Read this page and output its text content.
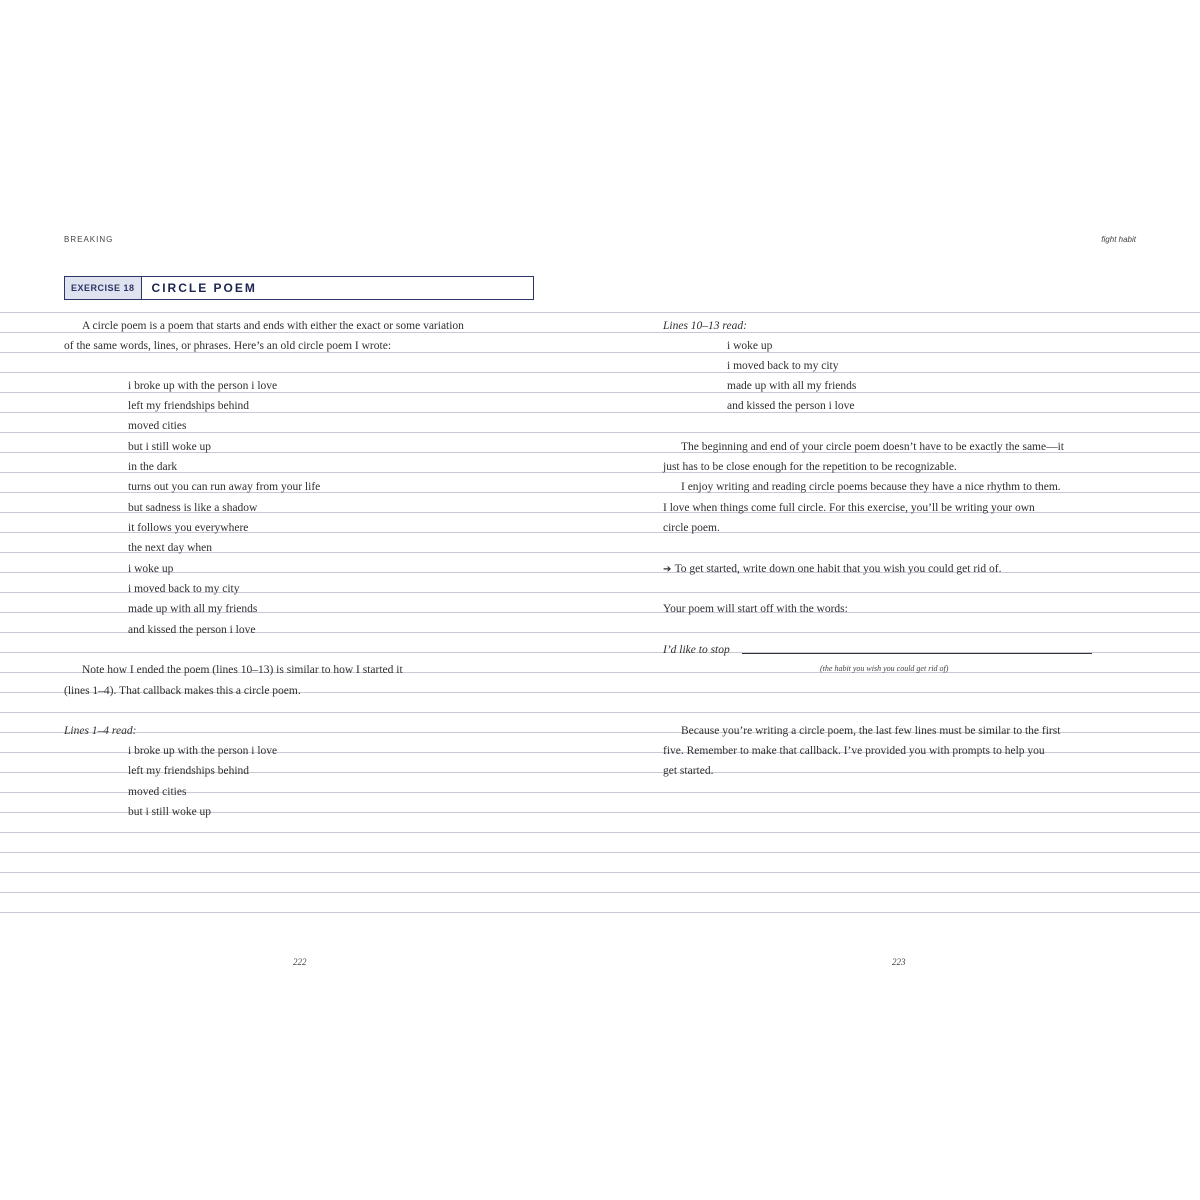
BREAKING	fight habit
EXERCISE 18	CIRCLE POEM
A circle poem is a poem that starts and ends with either the exact or some variation
of the same words, lines, or phrases. Here’s an old circle poem I wrote:
i broke up with the person i love
left my friendships behind
moved cities
but i still woke up
in the dark
turns out you can run away from your life
but sadness is like a shadow
it follows you everywhere
the next day when
i woke up
i moved back to my city
made up with all my friends
and kissed the person i love
Note how I ended the poem (lines 10–13) is similar to how I started it
(lines 1–4). That callback makes this a circle poem.
Lines 1–4 read:
i broke up with the person i love
left my friendships behind
moved cities
but i still woke up
222
Lines 10–13 read:
i woke up
i moved back to my city
made up with all my friends
and kissed the person i love
The beginning and end of your circle poem doesn’t have to be exactly the same—it
just has to be close enough for the repetition to be recognizable.
I enjoy writing and reading circle poems because they have a nice rhythm to them.
I love when things come full circle. For this exercise, you’ll be writing your own
circle poem.
➔ To get started, write down one habit that you wish you could get rid of.
Your poem will start off with the words:
I’d like to stop
(the habit you wish you could get rid of)
Because you’re writing a circle poem, the last few lines must be similar to the first
five. Remember to make that callback. I’ve provided you with prompts to help you
get started.
223
